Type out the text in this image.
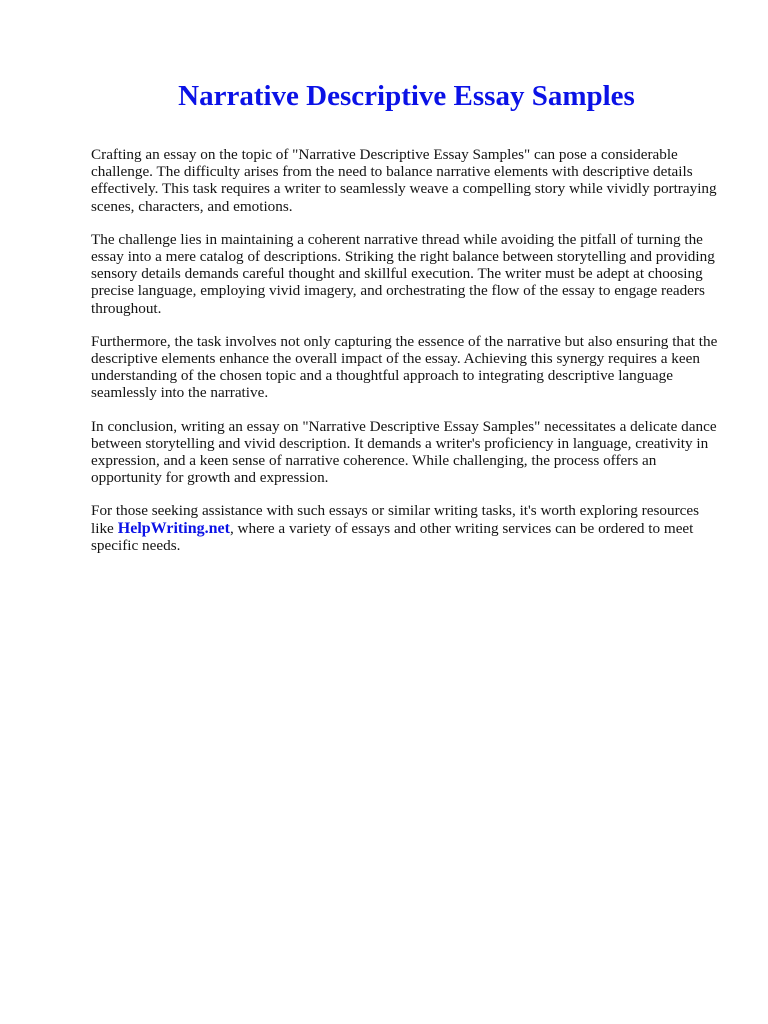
Narrative Descriptive Essay Samples

Crafting an essay on the topic of "Narrative Descriptive Essay Samples" can pose a considerable challenge. The difficulty arises from the need to balance narrative elements with descriptive details effectively. This task requires a writer to seamlessly weave a compelling story while vividly portraying scenes, characters, and emotions.

The challenge lies in maintaining a coherent narrative thread while avoiding the pitfall of turning the essay into a mere catalog of descriptions. Striking the right balance between storytelling and providing sensory details demands careful thought and skillful execution. The writer must be adept at choosing precise language, employing vivid imagery, and orchestrating the flow of the essay to engage readers throughout.

Furthermore, the task involves not only capturing the essence of the narrative but also ensuring that the descriptive elements enhance the overall impact of the essay. Achieving this synergy requires a keen understanding of the chosen topic and a thoughtful approach to integrating descriptive language seamlessly into the narrative.

In conclusion, writing an essay on "Narrative Descriptive Essay Samples" necessitates a delicate dance between storytelling and vivid description. It demands a writer's proficiency in language, creativity in expression, and a keen sense of narrative coherence. While challenging, the process offers an opportunity for growth and expression.

For those seeking assistance with such essays or similar writing tasks, it's worth exploring resources like HelpWriting.net, where a variety of essays and other writing services can be ordered to meet specific needs.
